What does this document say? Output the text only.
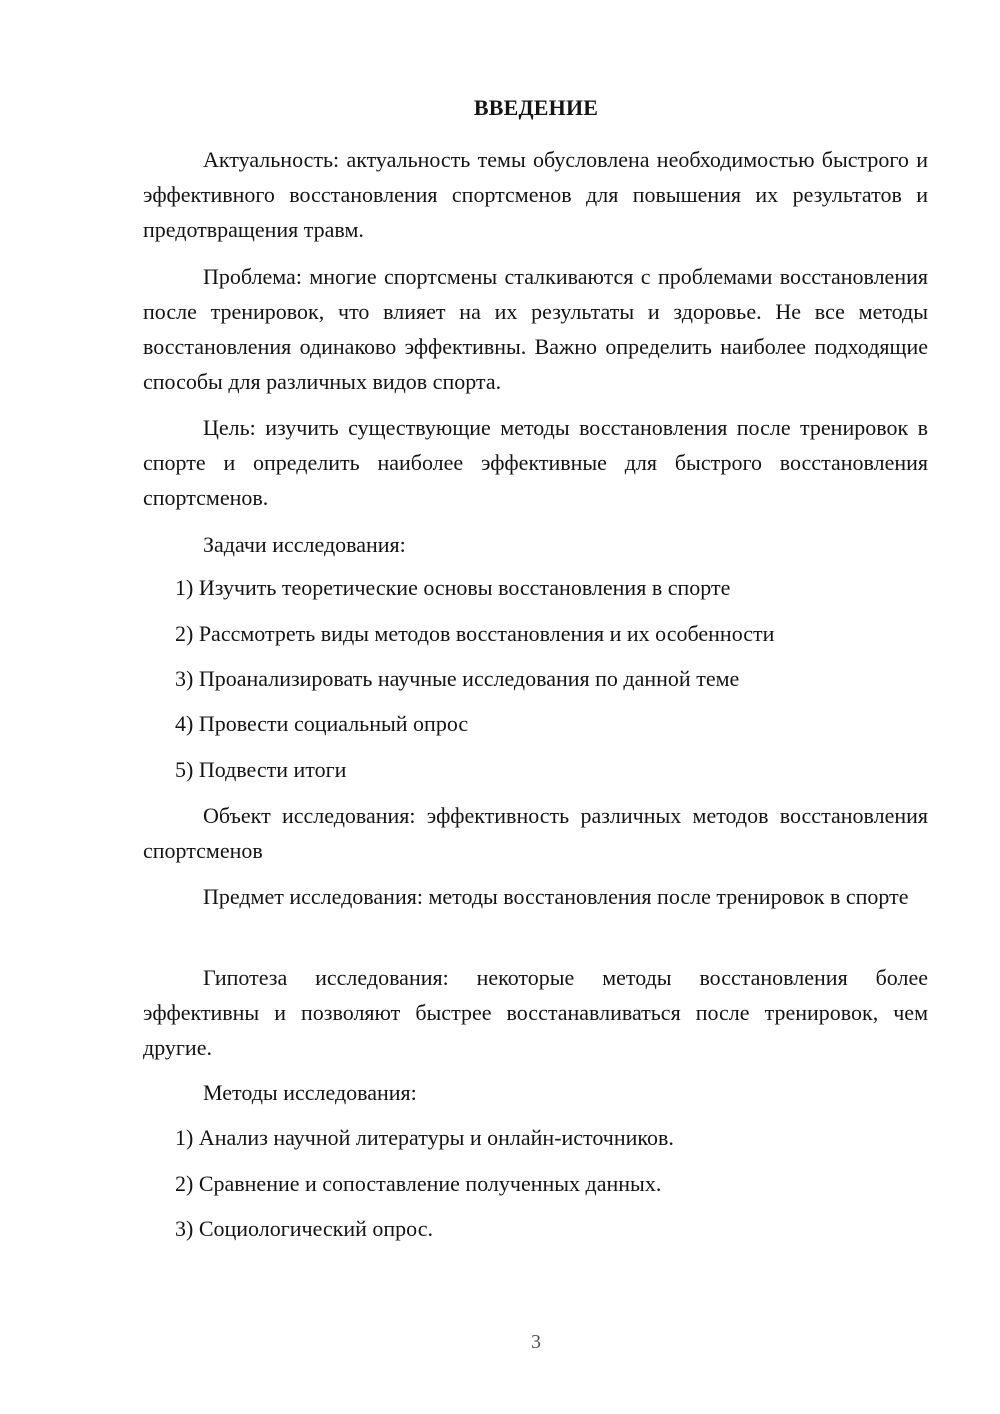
ВВЕДЕНИЕ

Актуальность: актуальность темы обусловлена необходимостью быстрого и эффективного восстановления спортсменов для повышения их результатов и предотвращения травм.

Проблема: многие спортсмены сталкиваются с проблемами восстановления после тренировок, что влияет на их результаты и здоровье. Не все методы восстановления одинаково эффективны. Важно определить наиболее подходящие способы для различных видов спорта.

Цель: изучить существующие методы восстановления после тренировок в спорте и определить наиболее эффективные для быстрого восстановления спортсменов.

Задачи исследования:
1) Изучить теоретические основы восстановления в спорте
2) Рассмотреть виды методов восстановления и их особенности
3) Проанализировать научные исследования по данной теме
4) Провести социальный опрос
5) Подвести итоги

Объект исследования: эффективность различных методов восстановления спортсменов

Предмет исследования: методы восстановления после тренировок в спорте

Гипотеза исследования: некоторые методы восстановления более эффективны и позволяют быстрее восстанавливаться после тренировок, чем другие.

Методы исследования:
1) Анализ научной литературы и онлайн-источников.
2) Сравнение и сопоставление полученных данных.
3) Социологический опрос.
3
